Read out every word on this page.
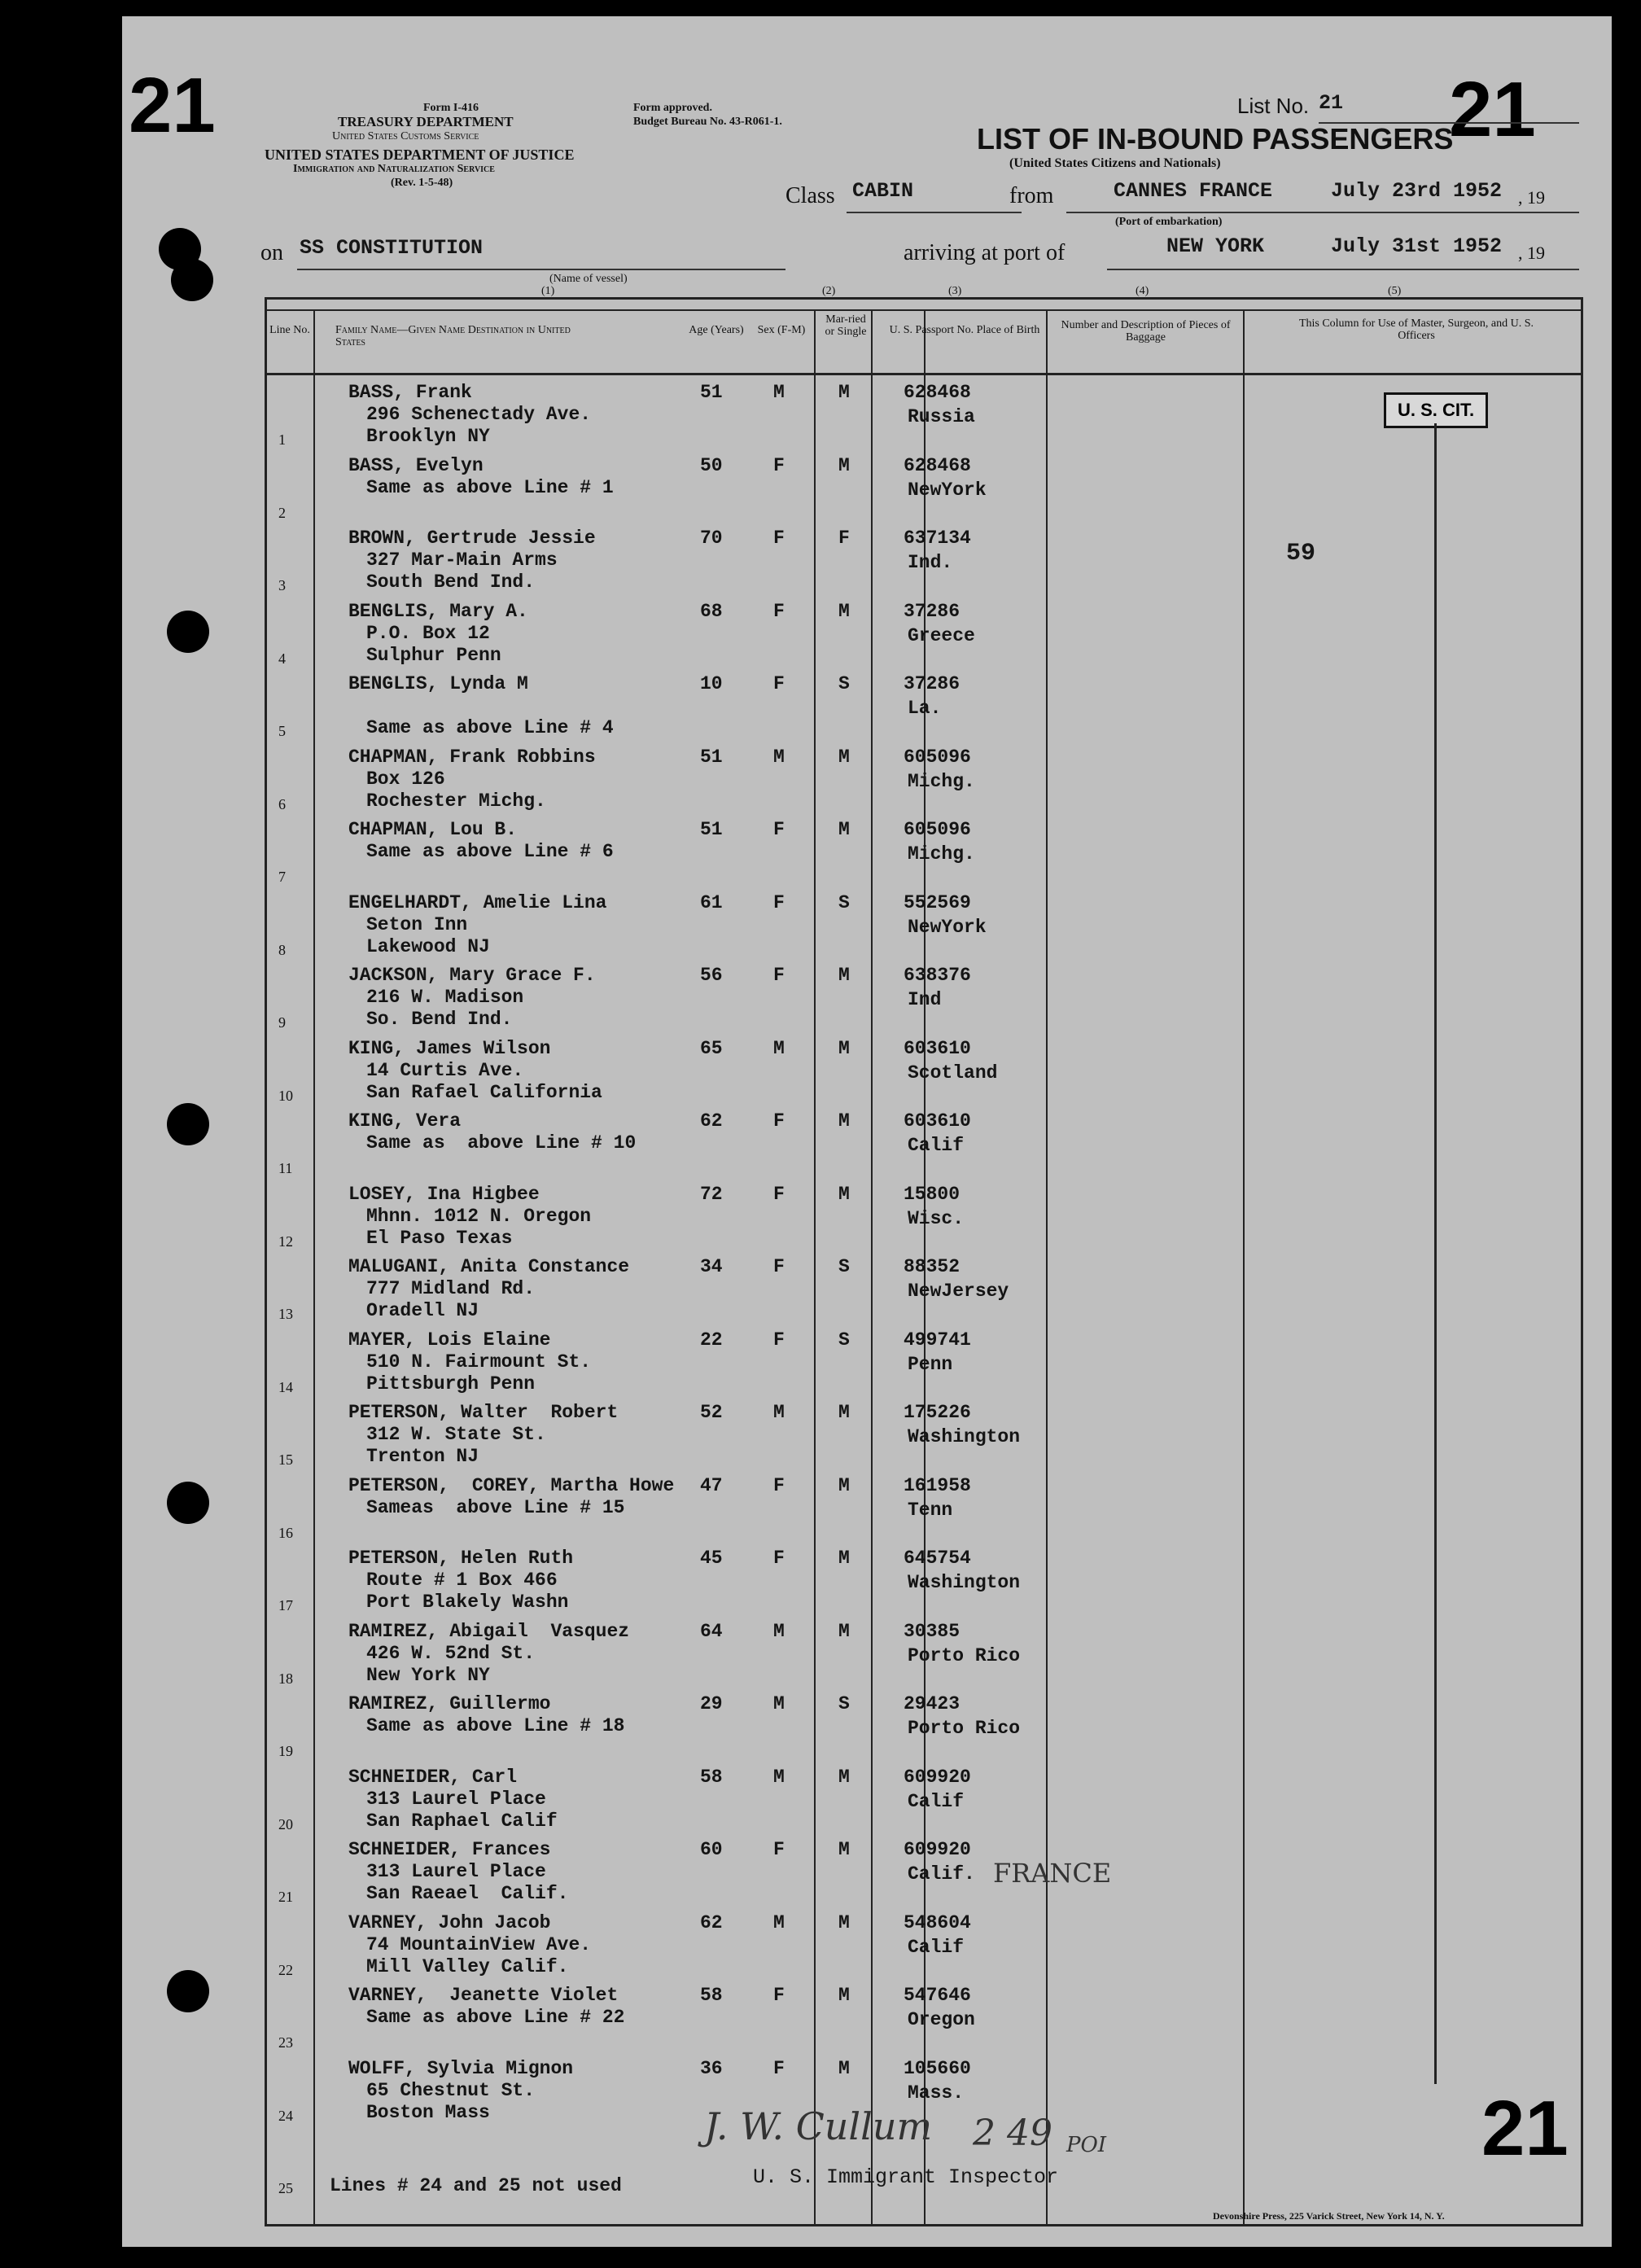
21	21
21
Form I-416
TREASURY DEPARTMENT
United States Customs Service
Form approved.
Budget Bureau No. 43-R061-1.
UNITED STATES DEPARTMENT OF JUSTICE
Immigration and Naturalization Service
(Rev. 1-5-48)
List No. 21
LIST OF IN-BOUND PASSENGERS
(United States Citizens and Nationals)
Class CABIN	from	CANNES FRANCE	July 23rd 1952 , 19
(Port of embarkation)
on SS CONSTITUTION
(Name of vessel)
arriving at port of	NEW YORK	July 31st 1952 , 19
(1)	(2)	(3)	(4)	(5)
Line No. Family Name—Given Name Destination in United States
Age (Years)	Sex (F-M)
Mar-ried or Single	U. S. Passport No. Place of Birth	Number and Description of Pieces of Baggage
This Column for Use of Master, Surgeon, and U. S. Officers
1
BASS, Frank
296 Schenectady Ave.
Brooklyn NY
51	M	M	628468
Russia
2
BASS, Evelyn
Same as above Line # 1
50	F	M	628468
NewYork
3
BROWN, Gertrude Jessie
327 Mar-Main Arms
South Bend Ind.
70	F	F	637134
Ind.
4
BENGLIS, Mary A.
P.O. Box 12
Sulphur Penn
68	F	M	37286
Greece
5
BENGLIS, Lynda M
Same as above Line # 4
10	F	S	37286
La.
6
CHAPMAN, Frank Robbins
Box 126
Rochester Michg.
51	M	M	605096
Michg.
7
CHAPMAN, Lou B.
Same as above Line # 6
51	F	M	605096
Michg.
8
ENGELHARDT, Amelie Lina
Seton Inn
Lakewood NJ
61	F	S	552569
NewYork
9
JACKSON, Mary Grace F.
216 W. Madison
So. Bend Ind.
56	F	M	638376
Ind
10
KING, James Wilson
14 Curtis Ave.
San Rafael California
65	M	M	603610
Scotland
11
KING, Vera
Same as  above Line # 10
62	F	M	603610
Calif
12
LOSEY, Ina Higbee
Mhnn. 1012 N. Oregon
El Paso Texas
72	F	M	15800
Wisc.
13
MALUGANI, Anita Constance
777 Midland Rd.
Oradell NJ
34	F	S	88352
NewJersey
14
MAYER, Lois Elaine
510 N. Fairmount St.
Pittsburgh Penn
22	F	S	499741
Penn
15
PETERSON, Walter  Robert
312 W. State St.
Trenton NJ
52	M	M	175226
Washington
16
PETERSON,  COREY, Martha Howe
Sameas  above Line # 15
47	F	M	161958
Tenn
17
PETERSON, Helen Ruth
Route # 1 Box 466
Port Blakely Washn
45	F	M	645754
Washington
18
RAMIREZ, Abigail  Vasquez
426 W. 52nd St.
New York NY
64	M	M	30385
Porto Rico
19
RAMIREZ, Guillermo
Same as above Line # 18
29	M	S	29423
Porto Rico
20
SCHNEIDER, Carl
313 Laurel Place
San Raphael Calif
58	M	M	609920
Calif
21
SCHNEIDER, Frances
313 Laurel Place
San Raeael  Calif.
60	F	M	609920
Calif.
22
VARNEY, John Jacob
74 MountainView Ave.
Mill Valley Calif.
62	M	M	548604
Calif
23
VARNEY,  Jeanette Violet
Same as above Line # 22
58	F	M	547646
Oregon
24
WOLFF, Sylvia Mignon
65 Chestnut St.
Boston Mass
36	F	M	105660
Mass.
25
U. S. CIT.
59
Lines # 24 and 25 not used	U. S. Immigrant Inspector
J. W. Cullum 2 49 POI
FRANCE
Devonshire Press, 225 Varick Street, New York 14, N. Y.
